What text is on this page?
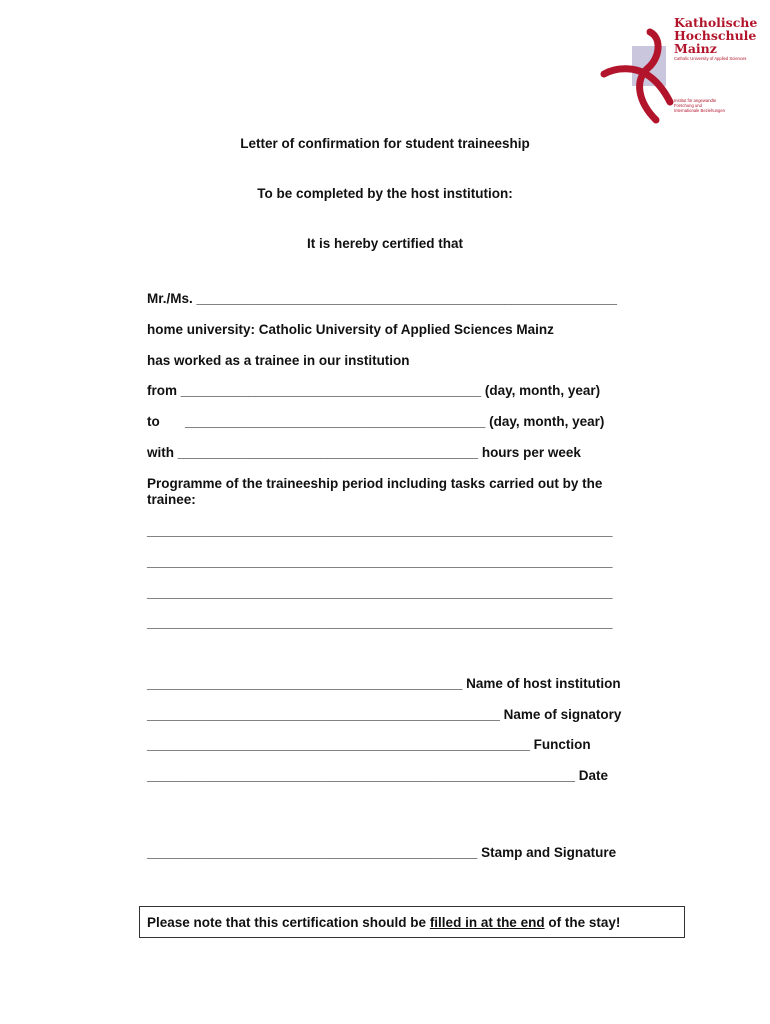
Katholische
Hochschule
Mainz
Catholic University of Applied Sciences
Institut für angewandte
Forschung und
Internationale Beziehungen
Letter of confirmation for student traineeship
To be completed by the host institution:
It is hereby certified that
Mr./Ms. ________________________________________________________
home university: Catholic University of Applied Sciences Mainz
has worked as a trainee in our institution
from ________________________________________ (day, month, year)
to ________________________________________ (day, month, year)
with ________________________________________ hours per week
Programme of the traineeship period including tasks carried out by the
trainee:
______________________________________________________________
______________________________________________________________
______________________________________________________________
______________________________________________________________
__________________________________________ Name of host institution
_______________________________________________ Name of signatory
___________________________________________________ Function
_________________________________________________________ Date
____________________________________________ Stamp and Signature
Please note that this certification should be filled in at the end of the stay!
